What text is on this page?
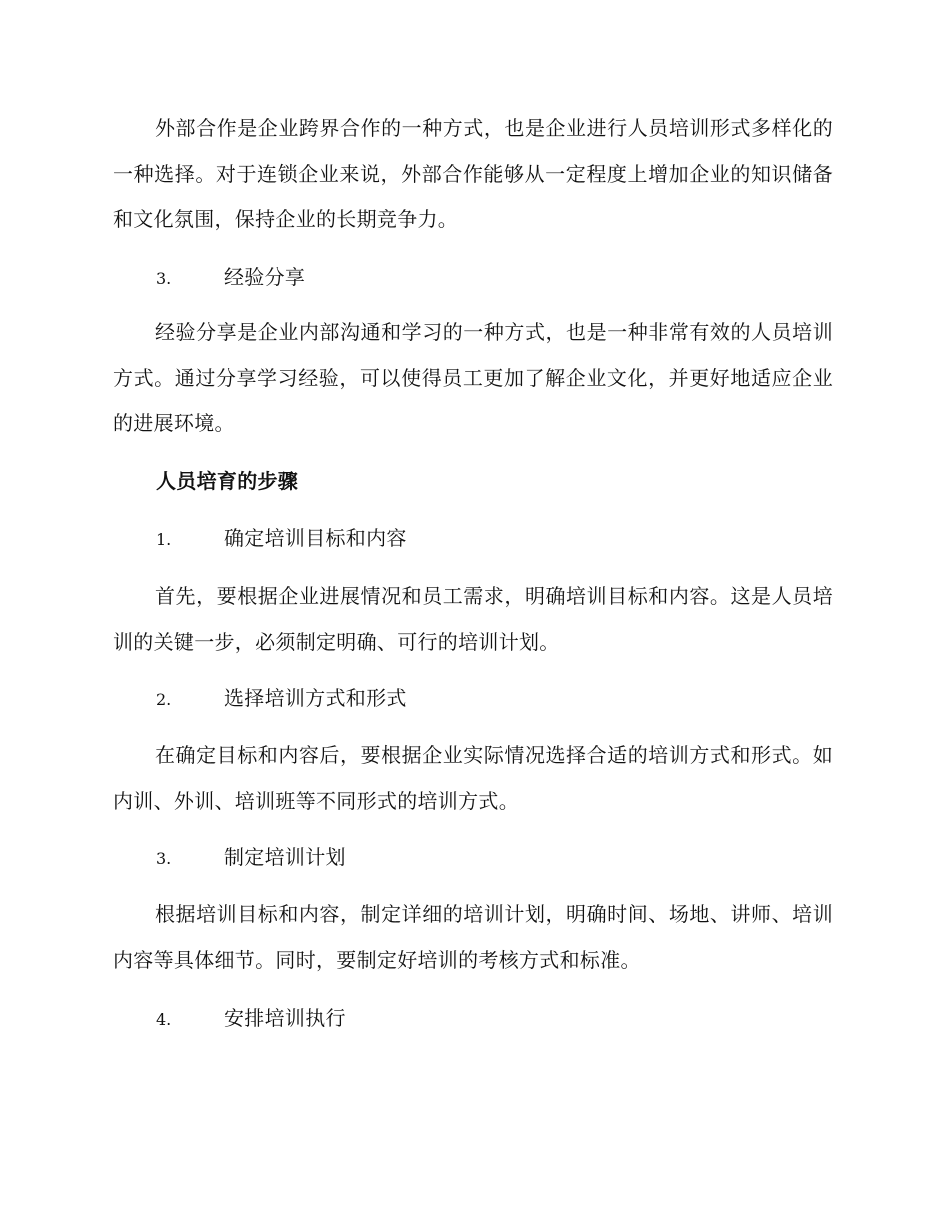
外部合作是企业跨界合作的一种方式，也是企业进行人员培训形式多样化的一种选择。对于连锁企业来说，外部合作能够从一定程度上增加企业的知识储备和文化氛围，保持企业的长期竞争力。

3.	经验分享

经验分享是企业内部沟通和学习的一种方式，也是一种非常有效的人员培训方式。通过分享学习经验，可以使得员工更加了解企业文化，并更好地适应企业的进展环境。

人员培育的步骤
1.	确定培训目标和内容

首先，要根据企业进展情况和员工需求，明确培训目标和内容。这是人员培训的关键一步，必须制定明确、可行的培训计划。

2.	选择培训方式和形式

在确定目标和内容后，要根据企业实际情况选择合适的培训方式和形式。如内训、外训、培训班等不同形式的培训方式。

3.	制定培训计划

根据培训目标和内容，制定详细的培训计划，明确时间、场地、讲师、培训内容等具体细节。同时，要制定好培训的考核方式和标准。

4.	安排培训执行
